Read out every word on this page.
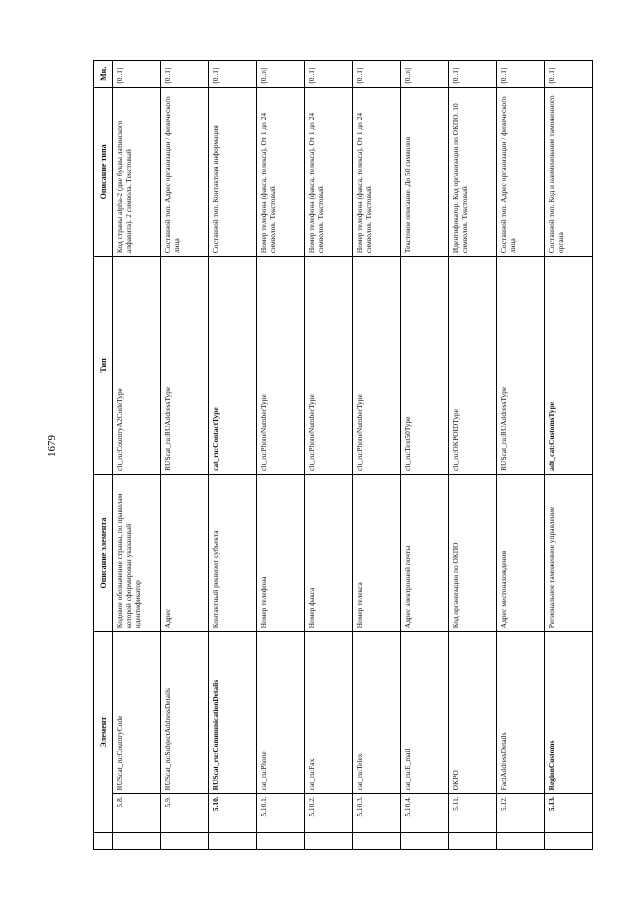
1679
	Элемент		Описание элемента	Тип	Описание типа	Мн.
	5.8.	RUScat_ru:CountryCode	Кодовое обозначение страны, по правилам которой сформирован указанный идентификатор	clt_ru:CountryA2CodeType	Код страны alpha-2 (две буквы латинского алфавита). 2 символа. Текстовый	[0..1]
	5.9.	RUScat_ru:SubjectAddressDetails	Адрес	RUScat_ru:RUAddressType	Составной тип. Адрес организации / физического лица	[0..1]
	5.10.	RUScat_ru:CommunicationDetails	Контактный реквизит субъекта	cat_ru:ContactType	Составной тип. Контактная информация	[0..1]
	5.10.1.	cat_ru:Phone	Номер телефона	clt_ru:PhoneNumberType	Номер телефона (факса, телекса). От 1 до 24 символов. Текстовый	[0..n]
	5.10.2.	cat_ru:Fax	Номер факса	clt_ru:PhoneNumberType	Номер телефона (факса, телекса). От 1 до 24 символов. Текстовый	[0..1]
	5.10.3.	cat_ru:Telex	Номер телекса	clt_ru:PhoneNumberType	Номер телефона (факса, телекса). От 1 до 24 символов. Текстовый	[0..1]
	5.10.4.	cat_ru:E_mail	Адрес электронной почты	clt_ru:Text50Type	Текстовое описание. До 50 символов	[0..n]
	5.11.	OKPO	Код организации по ОКПО	clt_ru:OKPOIDType	Идентификатор. Код организации по ОКПО. 10 символов. Текстовый	[0..1]
	5.12.	FactAddressDetails	Адрес местонахождения	RUScat_ru:RUAddressType	Составной тип. Адрес организации / физического лица	[0..1]
	5.13.	RegionCustoms	Региональное таможенное управление	adt_cat:CustomsType	Составной тип. Код и наименование таможенного органа	[0..1]
